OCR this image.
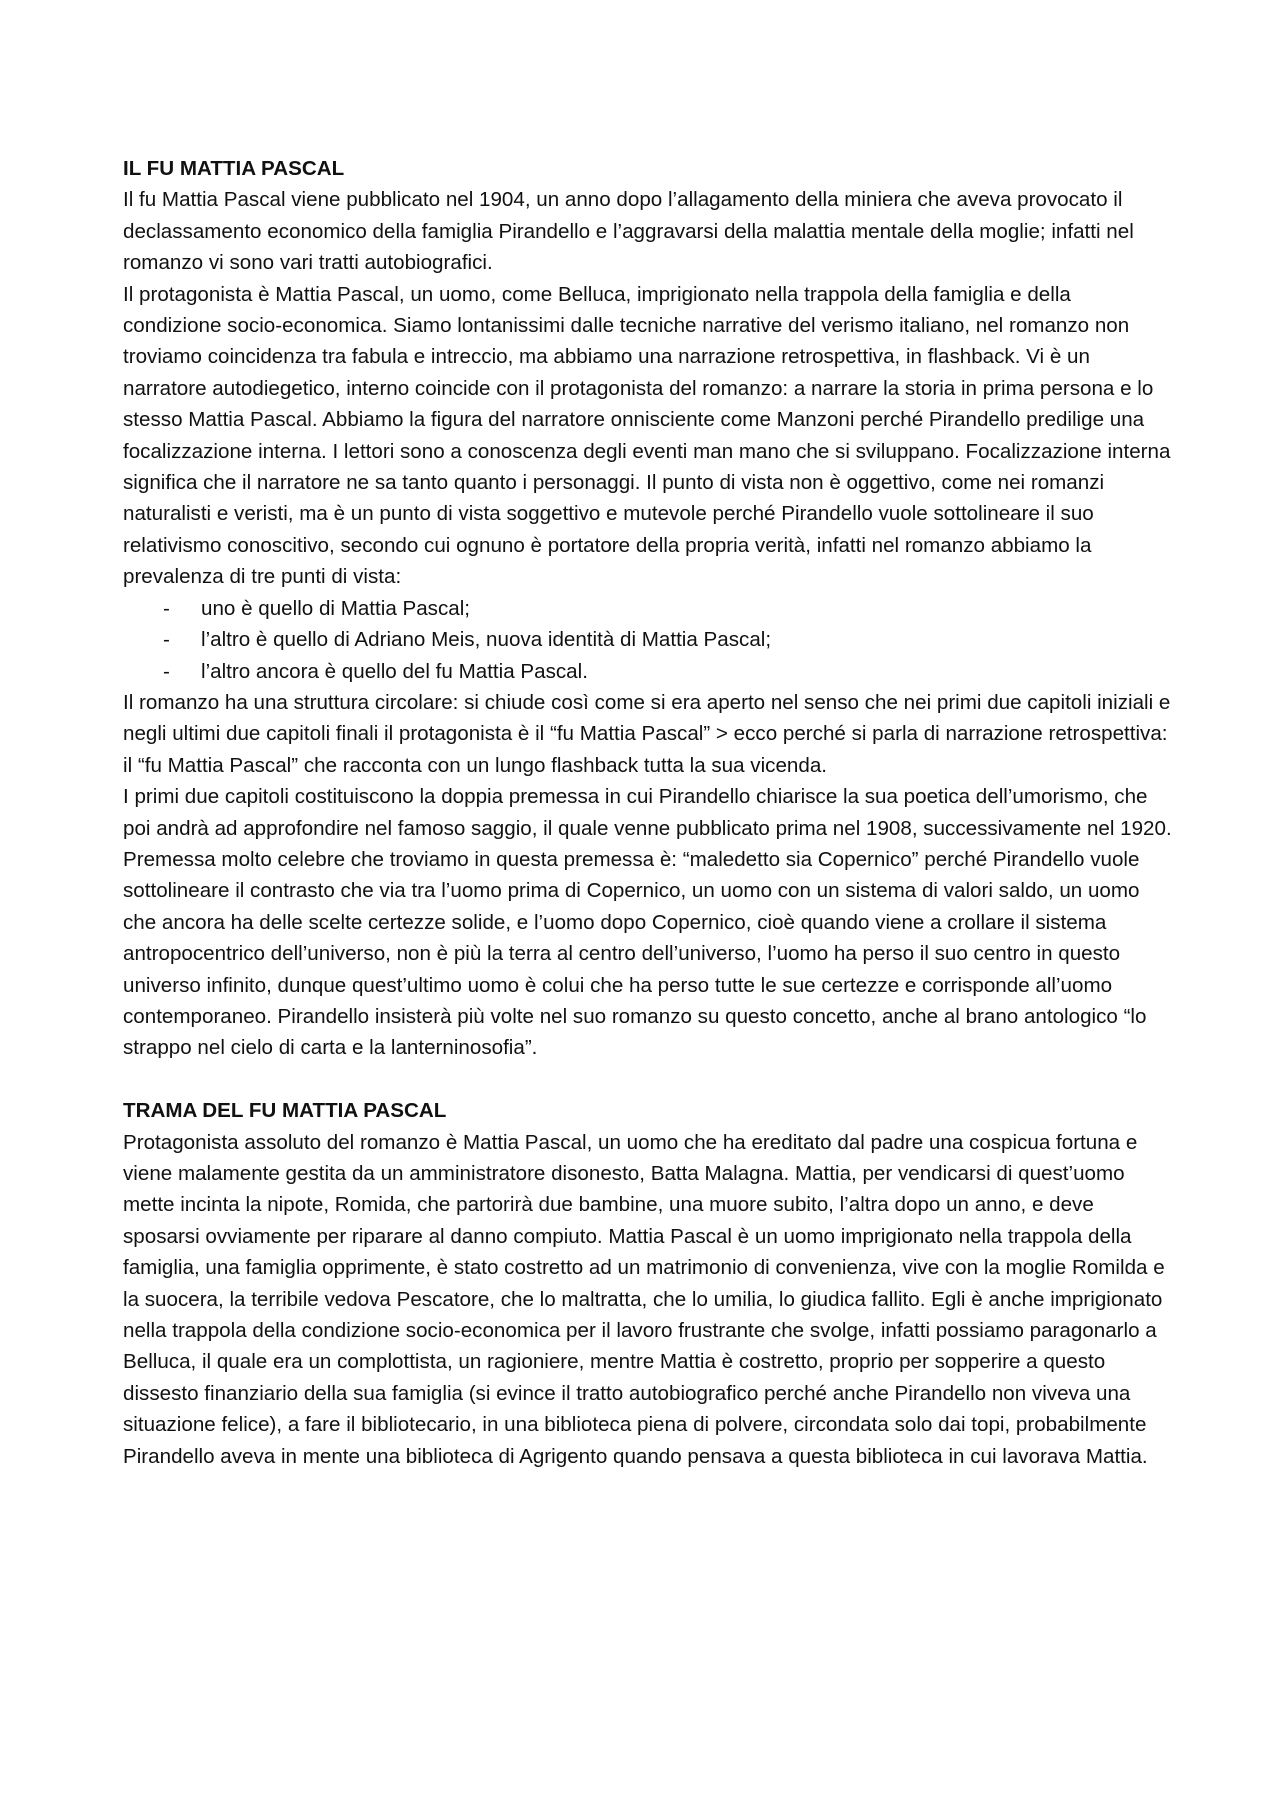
IL FU MATTIA PASCAL

Il fu Mattia Pascal viene pubblicato nel 1904, un anno dopo l’allagamento della miniera che aveva provocato il declassamento economico della famiglia Pirandello e l’aggravarsi della malattia mentale della moglie; infatti nel romanzo vi sono vari tratti autobiografici.

Il protagonista è Mattia Pascal, un uomo, come Belluca, imprigionato nella trappola della famiglia e della condizione socio-economica. Siamo lontanissimi dalle tecniche narrative del verismo italiano, nel romanzo non troviamo coincidenza tra fabula e intreccio, ma abbiamo una narrazione retrospettiva, in flashback. Vi è un narratore autodiegetico, interno coincide con il protagonista del romanzo: a narrare la storia in prima persona e lo stesso Mattia Pascal. Abbiamo la figura del narratore onnisciente come Manzoni perché Pirandello predilige una focalizzazione interna. I lettori sono a conoscenza degli eventi man mano che si sviluppano. Focalizzazione interna significa che il narratore ne sa tanto quanto i personaggi. Il punto di vista non è oggettivo, come nei romanzi naturalisti e veristi, ma è un punto di vista soggettivo e mutevole perché Pirandello vuole sottolineare il suo relativismo conoscitivo, secondo cui ognuno è portatore della propria verità, infatti nel romanzo abbiamo la prevalenza di tre punti di vista:

- uno è quello di Mattia Pascal;
- l’altro è quello di Adriano Meis, nuova identità di Mattia Pascal;
- l’altro ancora è quello del fu Mattia Pascal.

Il romanzo ha una struttura circolare: si chiude così come si era aperto nel senso che nei primi due capitoli iniziali e negli ultimi due capitoli finali il protagonista è il “fu Mattia Pascal” > ecco perché si parla di narrazione retrospettiva: il “fu Mattia Pascal” che racconta con un lungo flashback tutta la sua vicenda.

I primi due capitoli costituiscono la doppia premessa in cui Pirandello chiarisce la sua poetica dell’umorismo, che poi andrà ad approfondire nel famoso saggio, il quale venne pubblicato prima nel 1908, successivamente nel 1920. Premessa molto celebre che troviamo in questa premessa è: “maledetto sia Copernico” perché Pirandello vuole sottolineare il contrasto che via tra l’uomo prima di Copernico, un uomo con un sistema di valori saldo, un uomo che ancora ha delle scelte certezze solide, e l’uomo dopo Copernico, cioè quando viene a crollare il sistema antropocentrico dell’universo, non è più la terra al centro dell’universo, l’uomo ha perso il suo centro in questo universo infinito, dunque quest’ultimo uomo è colui che ha perso tutte le sue certezze e corrisponde all’uomo contemporaneo. Pirandello insisterà più volte nel suo romanzo su questo concetto, anche al brano antologico “lo strappo nel cielo di carta e la lanterninosofia”.

TRAMA DEL FU MATTIA PASCAL

Protagonista assoluto del romanzo è Mattia Pascal, un uomo che ha ereditato dal padre una cospicua fortuna e viene malamente gestita da un amministratore disonesto, Batta Malagna. Mattia, per vendicarsi di quest’uomo mette incinta la nipote, Romida, che partorirà due bambine, una muore subito, l’altra dopo un anno, e deve sposarsi ovviamente per riparare al danno compiuto. Mattia Pascal è un uomo imprigionato nella trappola della famiglia, una famiglia opprimente, è stato costretto ad un matrimonio di convenienza, vive con la moglie Romilda e la suocera, la terribile vedova Pescatore, che lo maltratta, che lo umilia, lo giudica fallito. Egli è anche imprigionato nella trappola della condizione socio-economica per il lavoro frustrante che svolge, infatti possiamo paragonarlo a Belluca, il quale era un complottista, un ragioniere, mentre Mattia è costretto, proprio per sopperire a questo dissesto finanziario della sua famiglia (si evince il tratto autobiografico perché anche Pirandello non viveva una situazione felice), a fare il bibliotecario, in una biblioteca piena di polvere, circondata solo dai topi, probabilmente Pirandello aveva in mente una biblioteca di Agrigento quando pensava a questa biblioteca in cui lavorava Mattia.
